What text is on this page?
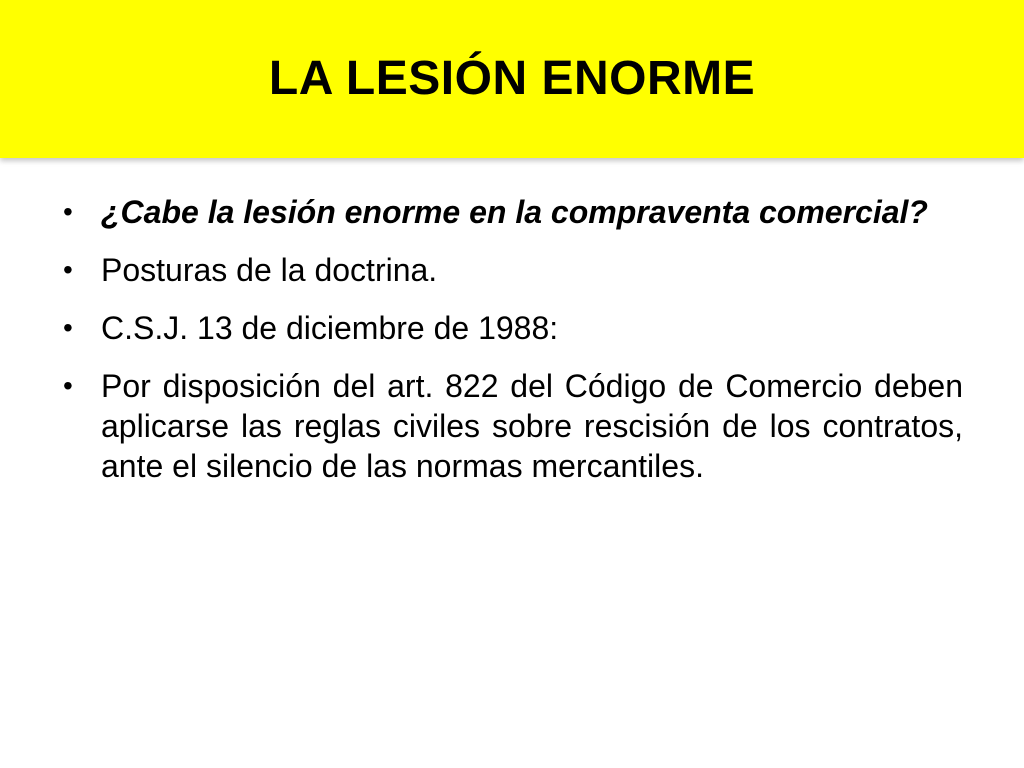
LA LESIÓN ENORME
• ¿Cabe la lesión enorme en la compraventa comercial?
• Posturas de la doctrina.
• C.S.J. 13 de diciembre de 1988:
• Por disposición del art. 822 del Código de Comercio deben aplicarse las reglas civiles sobre rescisión de los contratos, ante el silencio de las normas mercantiles.
